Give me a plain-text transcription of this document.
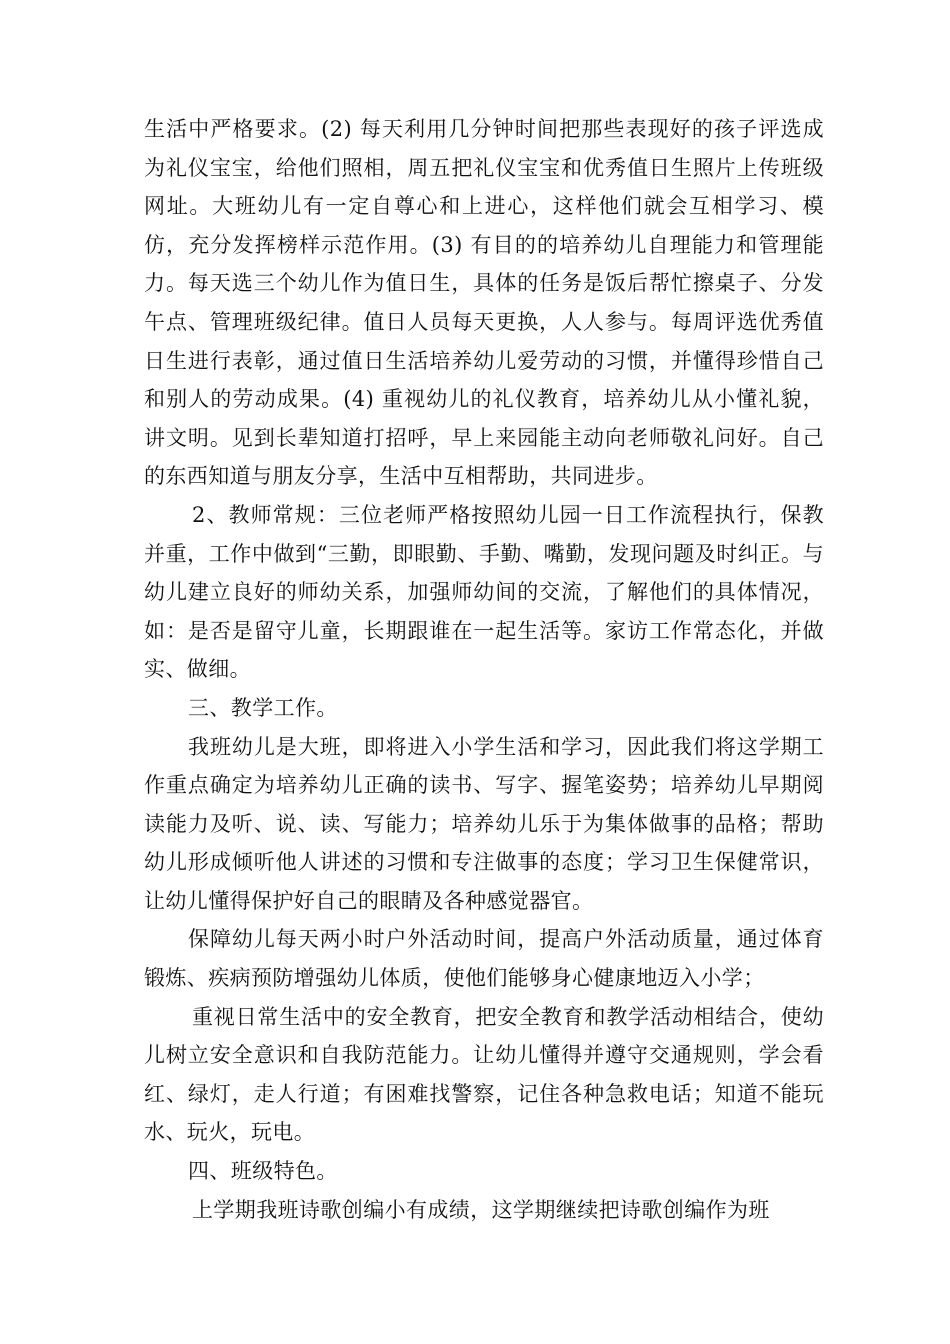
生活中严格要求。(2) 每天利用几分钟时间把那些表现好的孩子评选成为礼仪宝宝，给他们照相，周五把礼仪宝宝和优秀值日生照片上传班级网址。大班幼儿有一定自尊心和上进心，这样他们就会互相学习、模仿，充分发挥榜样示范作用。(3) 有目的的培养幼儿自理能力和管理能力。每天选三个幼儿作为值日生，具体的任务是饭后帮忙擦桌子、分发午点、管理班级纪律。值日人员每天更换，人人参与。每周评选优秀值日生进行表彰，通过值日生活培养幼儿爱劳动的习惯，并懂得珍惜自己和别人的劳动成果。(4) 重视幼儿的礼仪教育，培养幼儿从小懂礼貌，讲文明。见到长辈知道打招呼，早上来园能主动向老师敬礼问好。自己的东西知道与朋友分享，生活中互相帮助，共同进步。

2、教师常规：三位老师严格按照幼儿园一日工作流程执行，保教并重，工作中做到“三勤，即眼勤、手勤、嘴勤，发现问题及时纠正。与幼儿建立良好的师幼关系，加强师幼间的交流，了解他们的具体情况，如：是否是留守儿童，长期跟谁在一起生活等。家访工作常态化，并做实、做细。

三、教学工作。

我班幼儿是大班，即将进入小学生活和学习，因此我们将这学期工作重点确定为培养幼儿正确的读书、写字、握笔姿势；培养幼儿早期阅读能力及听、说、读、写能力；培养幼儿乐于为集体做事的品格；帮助幼儿形成倾听他人讲述的习惯和专注做事的态度；学习卫生保健常识，让幼儿懂得保护好自己的眼睛及各种感觉器官。

保障幼儿每天两小时户外活动时间，提高户外活动质量，通过体育锻炼、疾病预防增强幼儿体质，使他们能够身心健康地迈入小学；

重视日常生活中的安全教育，把安全教育和教学活动相结合，使幼儿树立安全意识和自我防范能力。让幼儿懂得并遵守交通规则，学会看红、绿灯，走人行道；有困难找警察，记住各种急救电话；知道不能玩水、玩火，玩电。

四、班级特色。

上学期我班诗歌创编小有成绩，这学期继续把诗歌创编作为班
